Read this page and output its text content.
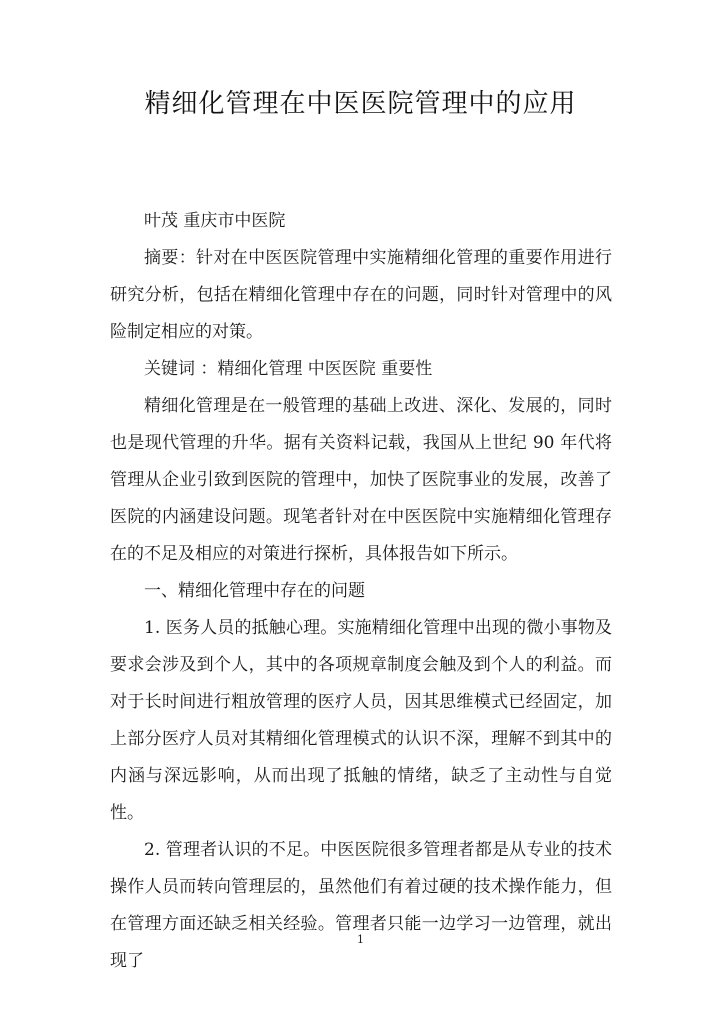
精细化管理在中医医院管理中的应用

叶茂 重庆市中医院

摘要：针对在中医医院管理中实施精细化管理的重要作用进行研究分析，包括在精细化管理中存在的问题，同时针对管理中的风险制定相应的对策。

关键词 ：精细化管理 中医医院 重要性

精细化管理是在一般管理的基础上改进、深化、发展的，同时也是现代管理的升华。据有关资料记载，我国从上世纪 90 年代将管理从企业引致到医院的管理中，加快了医院事业的发展，改善了医院的内涵建设问题。现笔者针对在中医医院中实施精细化管理存在的不足及相应的对策进行探析，具体报告如下所示。

一、精细化管理中存在的问题

1. 医务人员的抵触心理。实施精细化管理中出现的微小事物及要求会涉及到个人，其中的各项规章制度会触及到个人的利益。而对于长时间进行粗放管理的医疗人员，因其思维模式已经固定，加上部分医疗人员对其精细化管理模式的认识不深，理解不到其中的内涵与深远影响，从而出现了抵触的情绪，缺乏了主动性与自觉性。

2. 管理者认识的不足。中医医院很多管理者都是从专业的技术操作人员而转向管理层的，虽然他们有着过硬的技术操作能力，但在管理方面还缺乏相关经验。管理者只能一边学习一边管理，就出现了

1
